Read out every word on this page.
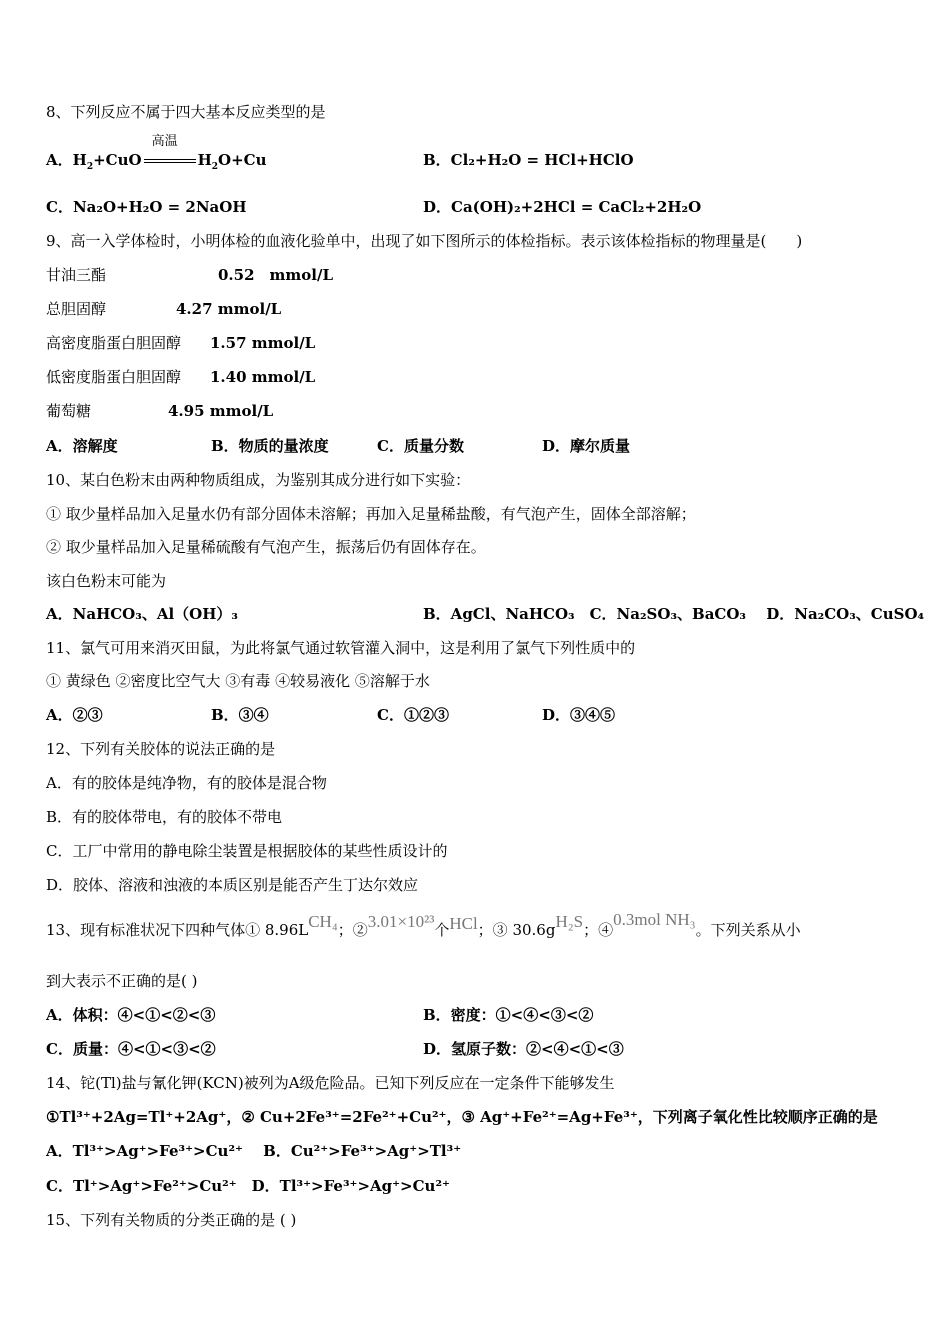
8、下列反应不属于四大基本反应类型的是
A．$H_2+CuO$
高温
$H_2O+Cu$	B．Cl₂+H₂O = HCl+HClO
C．Na₂O+H₂O = 2NaOH	D．Ca(OH)₂+2HCl = CaCl₂+2H₂O
9、高一入学体检时，小明体检的血液化验单中，出现了如下图所示的体检指标。表示该体检指标的物理量是(　　)
甘油三酯	0.52　mmol/L
总胆固醇	4.27 mmol/L
高密度脂蛋白胆固醇 1.57 mmol/L
低密度脂蛋白胆固醇 1.40 mmol/L
葡萄糖	4.95 mmol/L
A．溶解度	B．物质的量浓度	C．质量分数	D．摩尔质量
10、某白色粉末由两种物质组成，为鉴别其成分进行如下实验：
① 取少量样品加入足量水仍有部分固体未溶解；再加入足量稀盐酸，有气泡产生，固体全部溶解；
② 取少量样品加入足量稀硫酸有气泡产生，振荡后仍有固体存在。
该白色粉末可能为
A．NaHCO₃、Al（OH）₃	B．AgCl、NaHCO₃　C．Na₂SO₃、BaCO₃　 D．Na₂CO₃、CuSO₄
11、氯气可用来消灭田鼠，为此将氯气通过软管灌入洞中，这是利用了氯气下列性质中的
① 黄绿色 ②密度比空气大 ③有毒 ④较易液化 ⑤溶解于水
A．②③	B．③④	C．①②③	D．③④⑤
12、下列有关胶体的说法正确的是
A．有的胶体是纯净物，有的胶体是混合物
B．有的胶体带电，有的胶体不带电
C．工厂中常用的静电除尘装置是根据胶体的某些性质设计的
D．胶体、溶液和浊液的本质区别是能否产生丁达尔效应
13、现有标准状况下四种气体① 8.96LCH₄；②3.01×10²³个HCl；③ 30.6gH₂S；④0.3mol NH₃。下列关系从小
到大表示不正确的是( )
A．体积：④<①<②<③	B．密度：①<④<③<②
C．质量：④<①<③<②	D．氢原子数：②<④<①<③
14、铊(Tl)盐与氰化钾(KCN)被列为A级危险品。已知下列反应在一定条件下能够发生
①Tl³⁺+2Ag=Tl⁺+2Ag⁺，② Cu+2Fe³⁺=2Fe²⁺+Cu²⁺，③ Ag⁺+Fe²⁺=Ag+Fe³⁺，下列离子氧化性比较顺序正确的是
A．Tl³⁺>Ag⁺>Fe³⁺>Cu²⁺　 B．Cu²⁺>Fe³⁺>Ag⁺>Tl³⁺
C．Tl⁺>Ag⁺>Fe²⁺>Cu²⁺　D．Tl³⁺>Fe³⁺>Ag⁺>Cu²⁺
15、下列有关物质的分类正确的是 ( )
